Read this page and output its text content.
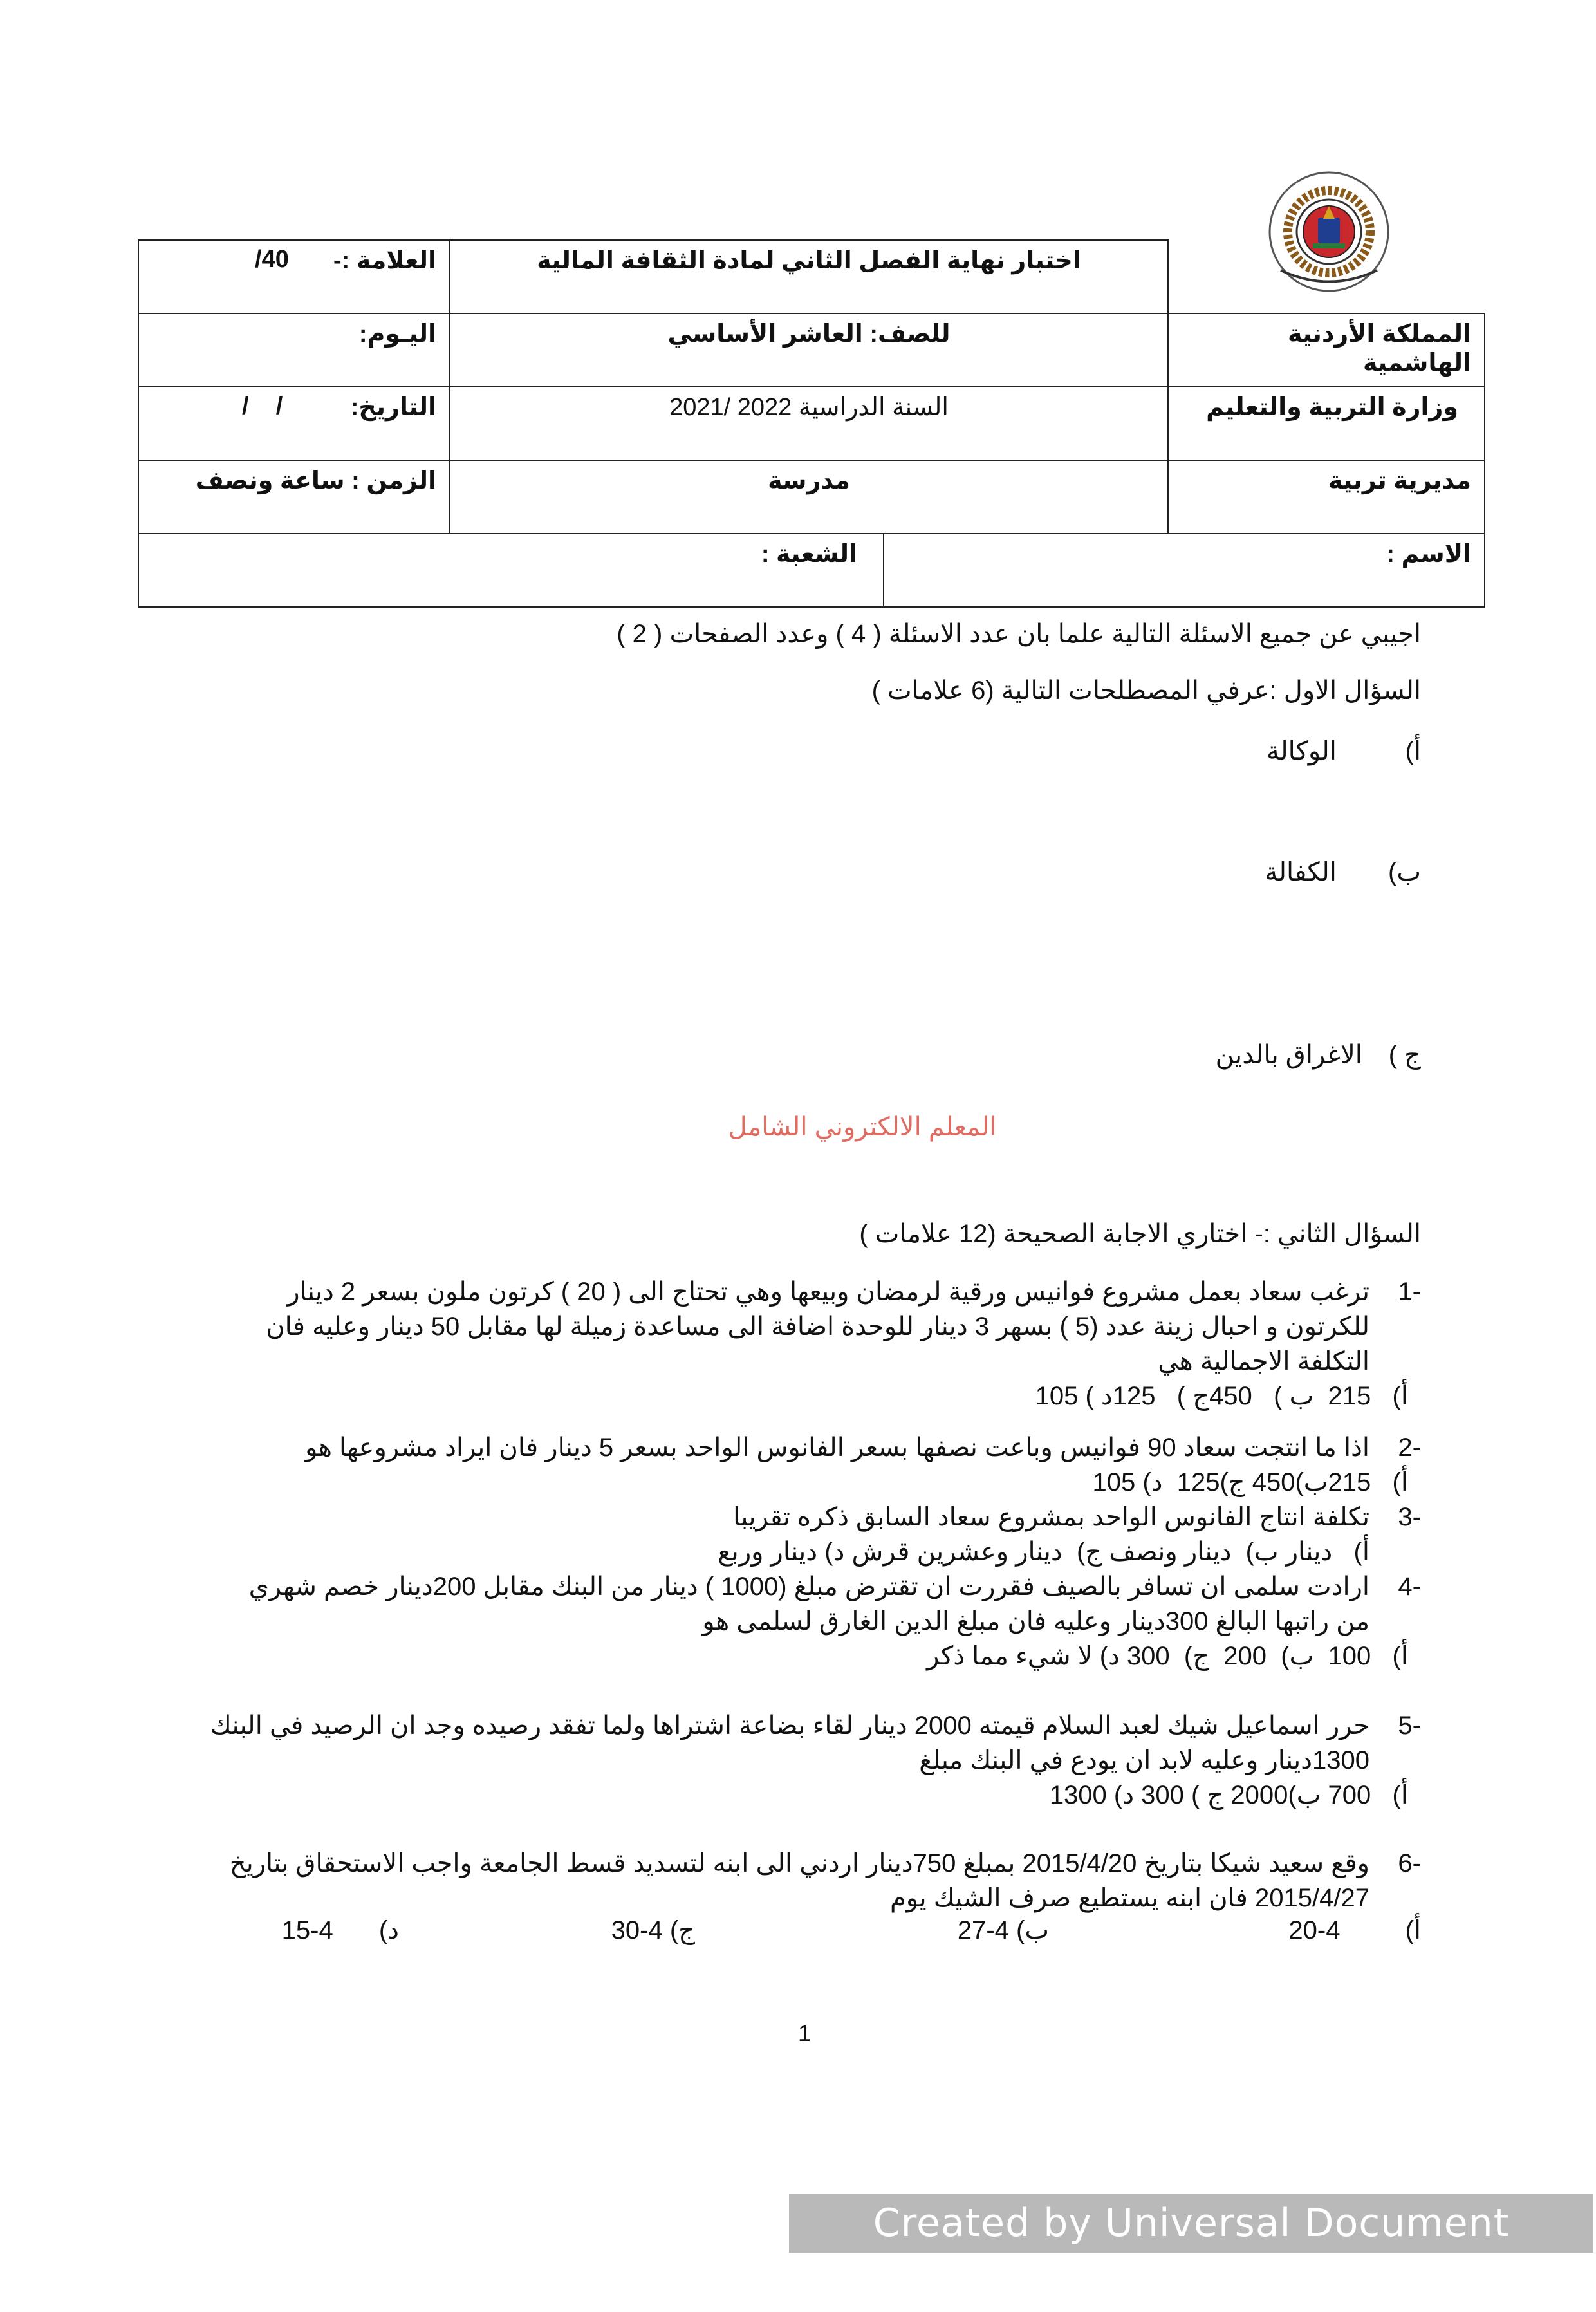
	اختبار نهاية الفصل الثاني لمادة الثقافة المالية		العلامة :-
40/

المملكة الأردنية الهاشمية	للصف: العاشر الأساسي		اليـوم:
وزارة التربية والتعليم	السنة الدراسية 2022 /2021		التاريخ:
/    /

مديرية تربية	مدرسة		الزمن : ساعة ونصف
الاسم :		الشعبة :	
اجيبي عن جميع الاسئلة التالية علما بان عدد الاسئلة ( 4 ) وعدد الصفحات ( 2 )
السؤال الاول :عرفي المصطلحات التالية (6 علامات )
أ) الوكالة
ب) الكفالة
ج ) الاغراق بالدين
المعلم الالكتروني الشامل
السؤال الثاني :- اختاري الاجابة الصحيحة (12 علامات )
-1
ترغب سعاد بعمل مشروع فوانيس ورقية لرمضان وبيعها وهي تحتاج الى ( 20 ) كرتون ملون بسعر 2 دينار
للكرتون و احبال زينة عدد (5 ) بسهر 3 دينار للوحدة اضافة الى مساعدة زميلة لها مقابل 50 دينار وعليه فان
التكلفة الاجمالية هي
أ)   215  ب )   450ج )   125د ) 105
-2
اذا ما انتجت سعاد 90 فوانيس وباعت نصفها بسعر الفانوس الواحد بسعر 5 دينار فان ايراد مشروعها هو
أ)   215ب)450 ج)125  د) 105
-3
تكلفة انتاج الفانوس الواحد بمشروع سعاد السابق ذكره تقريبا
أ)   دينار ب)  دينار ونصف ج)  دينار وعشرين قرش د) دينار وربع
-4
ارادت سلمى ان تسافر بالصيف فقررت ان تقترض مبلغ (1000 ) دينار من البنك مقابل 200دينار خصم شهري
من راتبها البالغ 300دينار وعليه فان مبلغ الدين الغارق لسلمى هو
أ)   100  ب)  200  ج)  300 د) لا شيء مما ذكر
-5
حرر اسماعيل شيك لعبد السلام قيمته 2000 دينار لقاء بضاعة اشتراها ولما تفقد رصيده وجد ان الرصيد في البنك
1300دينار وعليه لابد ان يودع في البنك مبلغ
أ)   700 ب)2000 ج ) 300 د) 1300
-6
وقع سعيد شيكا بتاريخ 2015/4/20 بمبلغ 750دينار اردني الى ابنه لتسديد قسط الجامعة واجب الاستحقاق بتاريخ
2015/4/27 فان ابنه يستطيع صرف الشيك يوم
أ) 4-20
ب) 4-27
ج) 4-30
د) 4-15
1
Created by Universal Document Converter
